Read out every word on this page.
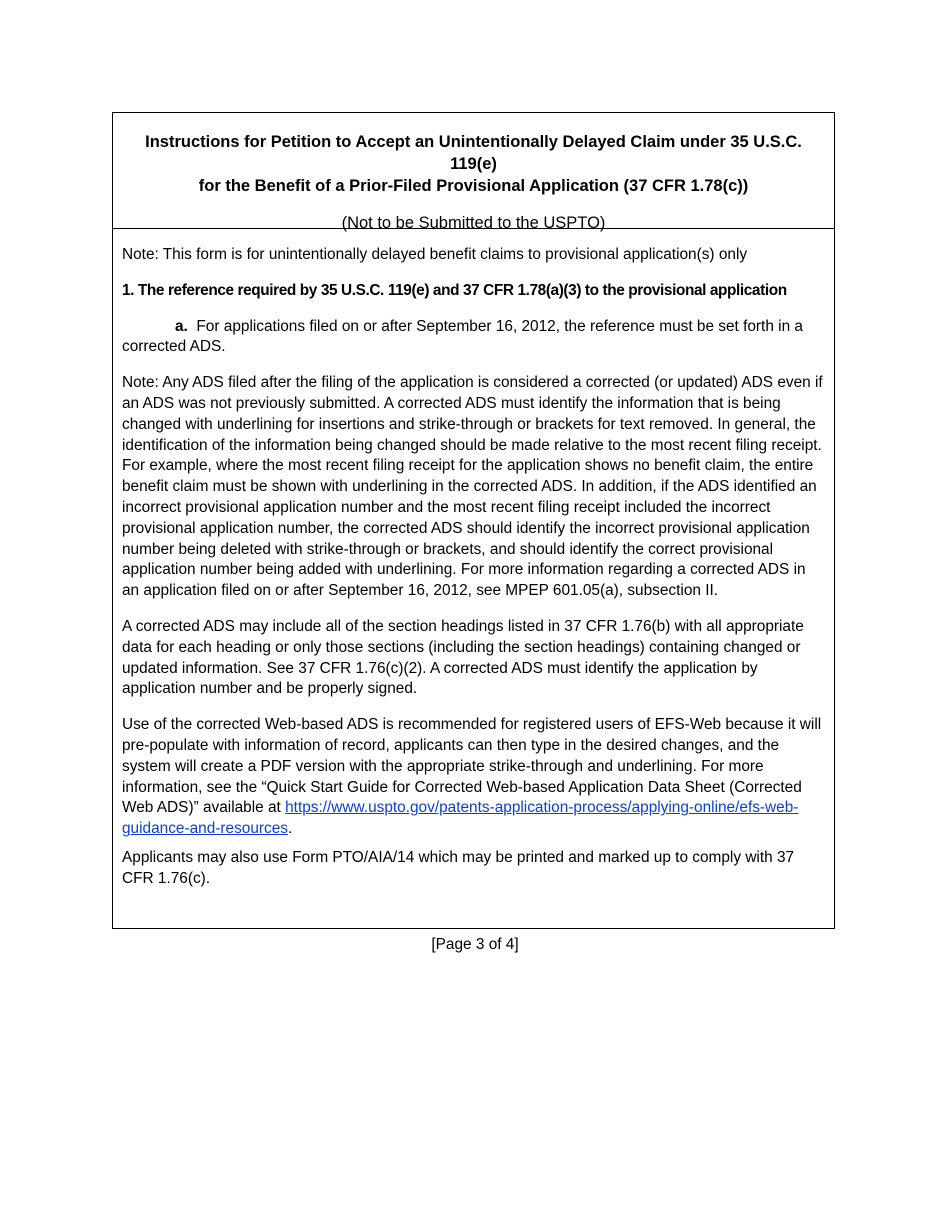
Instructions for Petition to Accept an Unintentionally Delayed Claim under 35 U.S.C. 119(e)
for the Benefit of a Prior-Filed Provisional Application (37 CFR 1.78(c))
(Not to be Submitted to the USPTO)

Note: This form is for unintentionally delayed benefit claims to provisional application(s) only

1. The reference required by 35 U.S.C. 119(e) and 37 CFR 1.78(a)(3) to the provisional application

a. For applications filed on or after September 16, 2012, the reference must be set forth in a corrected ADS.

Note: Any ADS filed after the filing of the application is considered a corrected (or updated) ADS even if an ADS was not previously submitted. A corrected ADS must identify the information that is being changed with underlining for insertions and strike-through or brackets for text removed. In general, the identification of the information being changed should be made relative to the most recent filing receipt. For example, where the most recent filing receipt for the application shows no benefit claim, the entire benefit claim must be shown with underlining in the corrected ADS. In addition, if the ADS identified an incorrect provisional application number and the most recent filing receipt included the incorrect provisional application number, the corrected ADS should identify the incorrect provisional application number being deleted with strike-through or brackets, and should identify the correct provisional application number being added with underlining. For more information regarding a corrected ADS in an application filed on or after September 16, 2012, see MPEP 601.05(a), subsection II.

A corrected ADS may include all of the section headings listed in 37 CFR 1.76(b) with all appropriate data for each heading or only those sections (including the section headings) containing changed or updated information. See 37 CFR 1.76(c)(2). A corrected ADS must identify the application by application number and be properly signed.

Use of the corrected Web-based ADS is recommended for registered users of EFS-Web because it will pre-populate with information of record, applicants can then type in the desired changes, and the system will create a PDF version with the appropriate strike-through and underlining. For more information, see the “Quick Start Guide for Corrected Web-based Application Data Sheet (Corrected Web ADS)” available at https://www.uspto.gov/patents-application-process/applying-online/efs-web-guidance-and-resources.

Applicants may also use Form PTO/AIA/14 which may be printed and marked up to comply with 37 CFR 1.76(c).

[Page 3 of 4]
